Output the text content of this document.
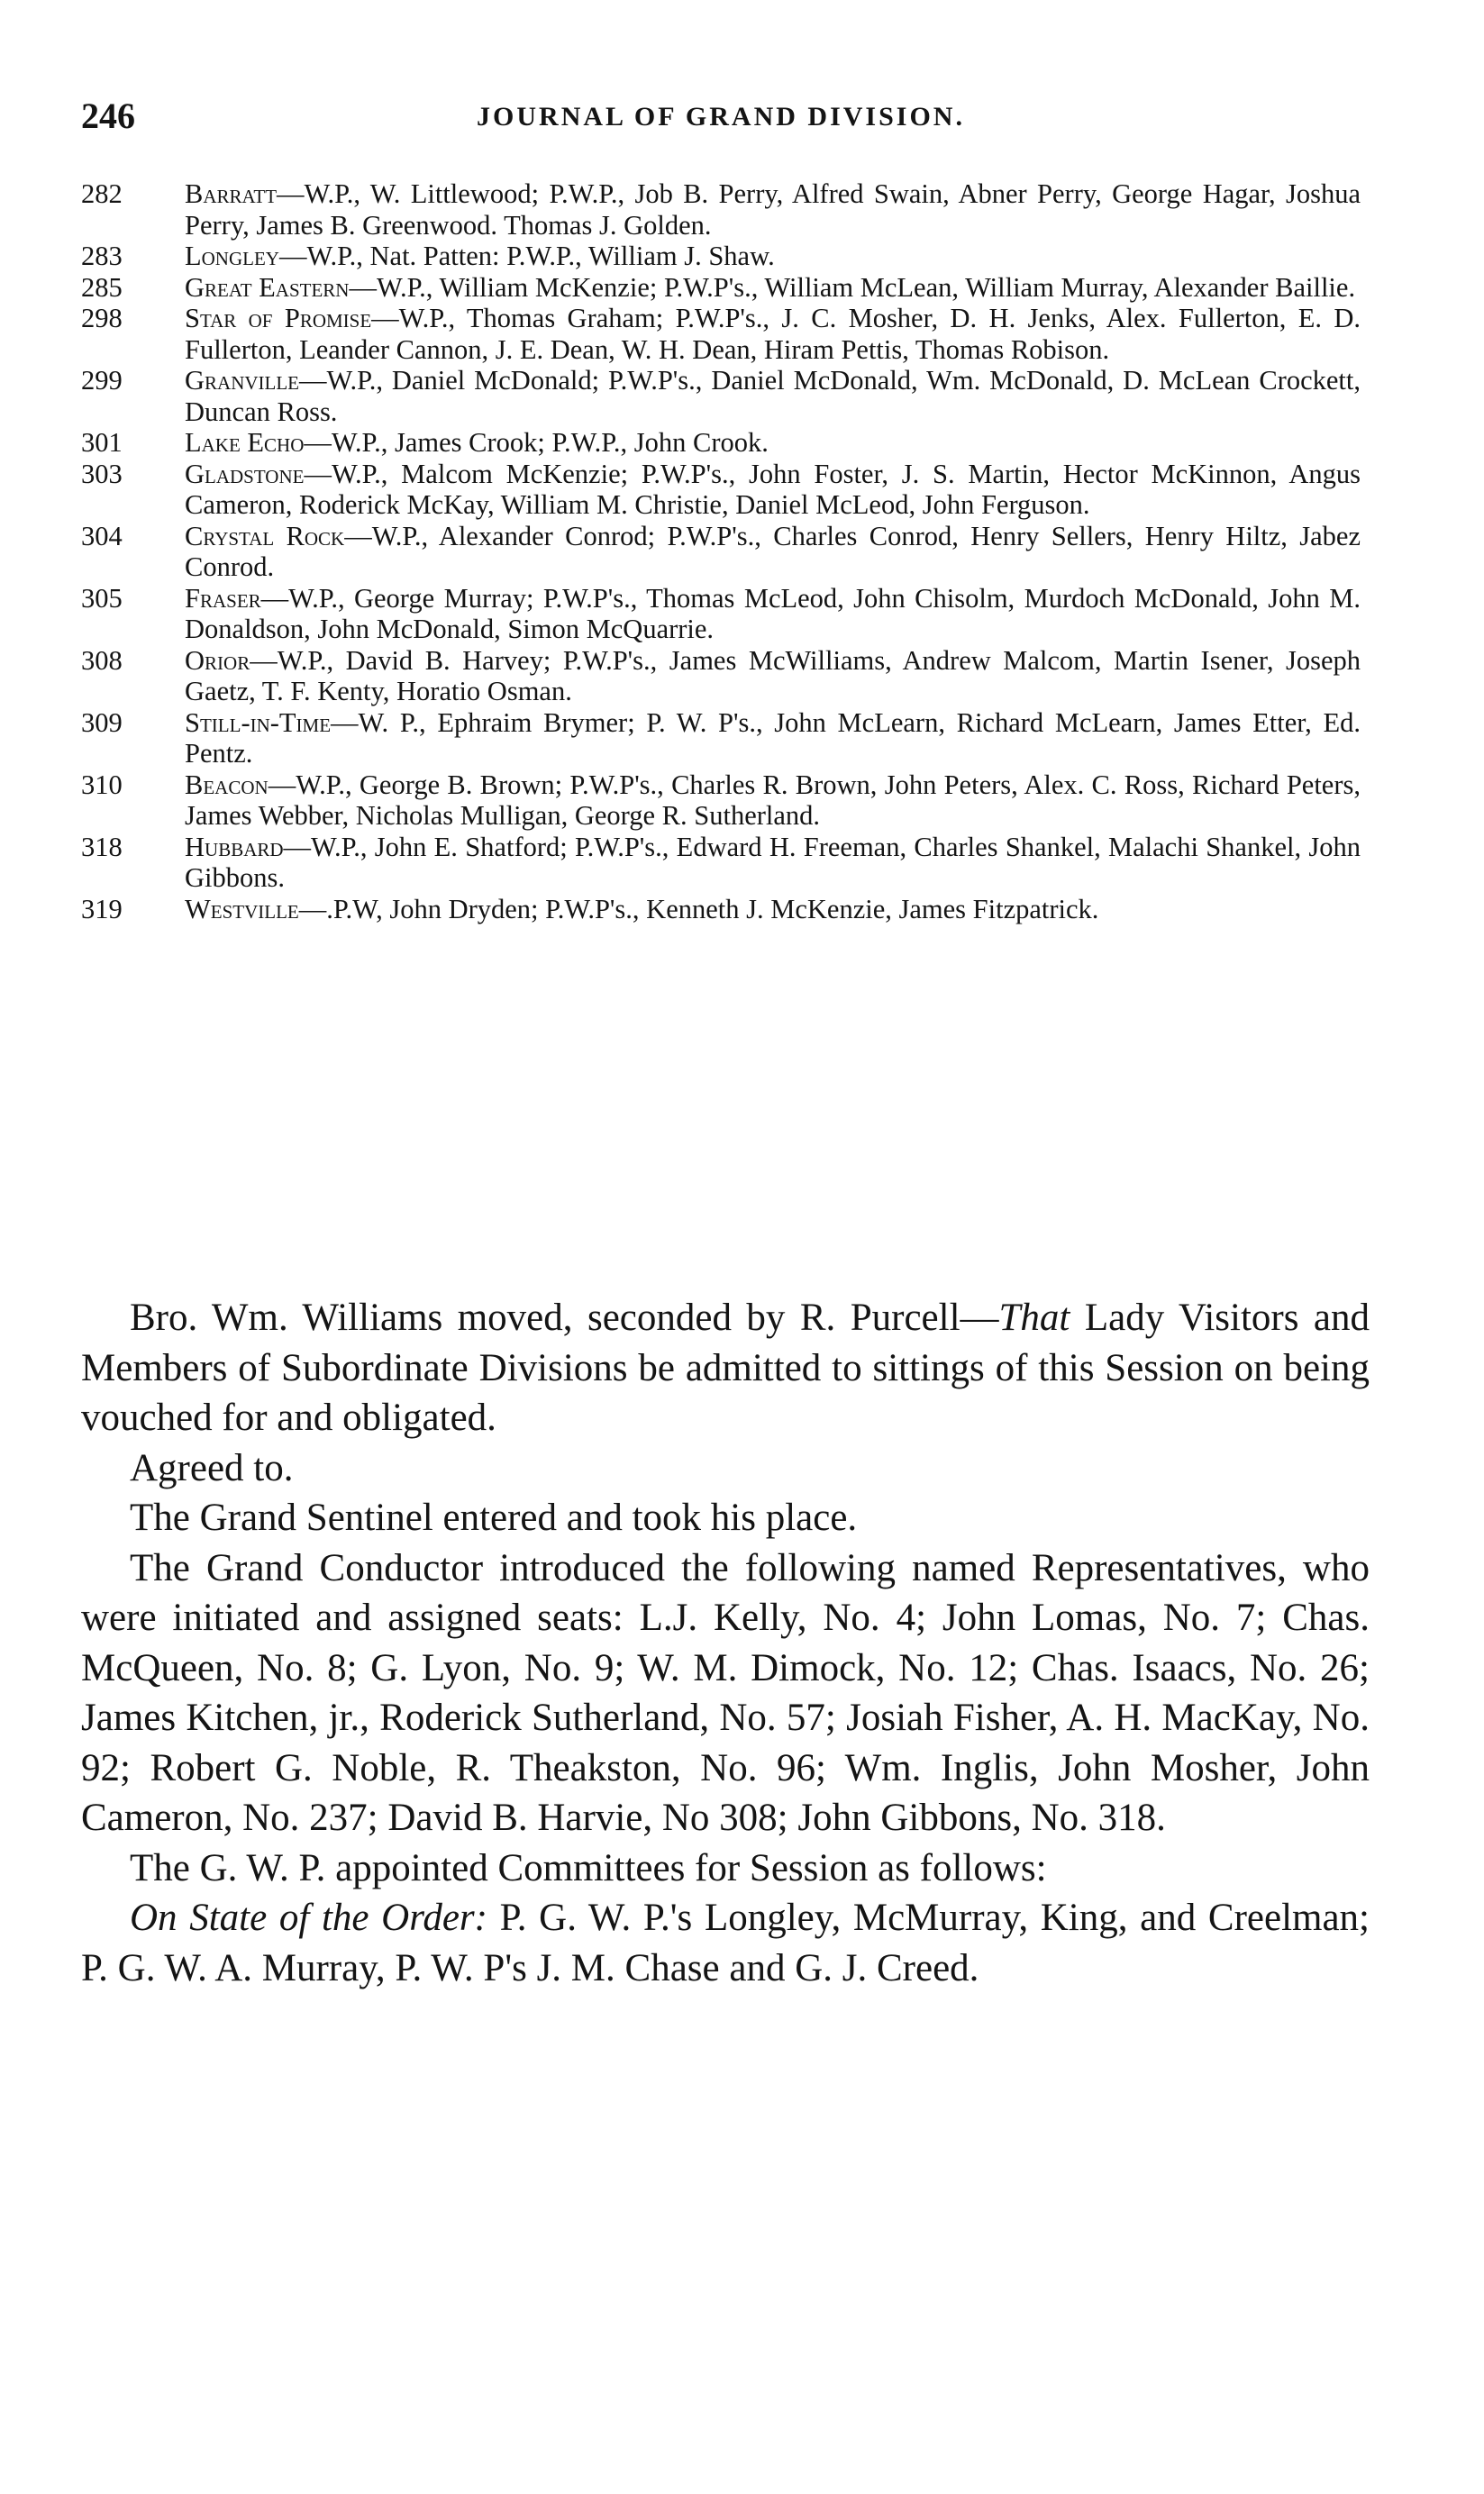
246	JOURNAL OF GRAND DIVISION.
282	Barratt—W.P., W. Littlewood; P.W.P., Job B. Perry, Alfred Swain, Abner Perry, George Hagar, Joshua Perry, James B. Greenwood. Thomas J. Golden.
283	Longley—W.P., Nat. Patten: P.W.P., William J. Shaw.
285	Great Eastern—W.P., William McKenzie; P.W.P's., William McLean, William Murray, Alexander Baillie.
298	Star of Promise—W.P., Thomas Graham; P.W.P's., J. C. Mosher, D. H. Jenks, Alex. Fullerton, E. D. Fullerton, Leander Cannon, J. E. Dean, W. H. Dean, Hiram Pettis, Thomas Robison.
299	Granville—W.P., Daniel McDonald; P.W.P's., Daniel McDonald, Wm. McDonald, D. McLean Crockett, Duncan Ross.
301	Lake Echo—W.P., James Crook; P.W.P., John Crook.
303	Gladstone—W.P., Malcom McKenzie; P.W.P's., John Foster, J. S. Martin, Hector McKinnon, Angus Cameron, Roderick McKay, William M. Christie, Daniel McLeod, John Ferguson.
304	Crystal Rock—W.P., Alexander Conrod; P.W.P's., Charles Conrod, Henry Sellers, Henry Hiltz, Jabez Conrod.
305	Fraser—W.P., George Murray; P.W.P's., Thomas McLeod, John Chisolm, Murdoch McDonald, John M. Donaldson, John McDonald, Simon McQuarrie.
308	Orior—W.P., David B. Harvey; P.W.P's., James McWilliams, Andrew Malcom, Martin Isener, Joseph Gaetz, T. F. Kenty, Horatio Osman.
309	Still-in-Time—W. P., Ephraim Brymer; P. W. P's., John McLearn, Richard McLearn, James Etter, Ed. Pentz.
310	Beacon—W.P., George B. Brown; P.W.P's., Charles R. Brown, John Peters, Alex. C. Ross, Richard Peters, James Webber, Nicholas Mulligan, George R. Sutherland.
318	Hubbard—W.P., John E. Shatford; P.W.P's., Edward H. Freeman, Charles Shankel, Malachi Shankel, John Gibbons.
319	Westville—.P.W, John Dryden; P.W.P's., Kenneth J. McKenzie, James Fitzpatrick.

Bro. Wm. Williams moved, seconded by R. Purcell—That Lady Visitors and Members of Subordinate Divisions be admitted to sittings of this Session on being vouched for and obligated.

Agreed to.

The Grand Sentinel entered and took his place.

The Grand Conductor introduced the following named Representatives, who were initiated and assigned seats: L.J. Kelly, No. 4; John Lomas, No. 7; Chas. McQueen, No. 8; G. Lyon, No. 9; W. M. Dimock, No. 12; Chas. Isaacs, No. 26; James Kitchen, jr., Roderick Sutherland, No. 57; Josiah Fisher, A. H. MacKay, No. 92; Robert G. Noble, R. Theakston, No. 96; Wm. Inglis, John Mosher, John Cameron, No. 237; David B. Harvie, No 308; John Gibbons, No. 318.

The G. W. P. appointed Committees for Session as follows:

On State of the Order: P. G. W. P.'s Longley, McMurray, King, and Creelman; P. G. W. A. Murray, P. W. P's J. M. Chase and G. J. Creed.
